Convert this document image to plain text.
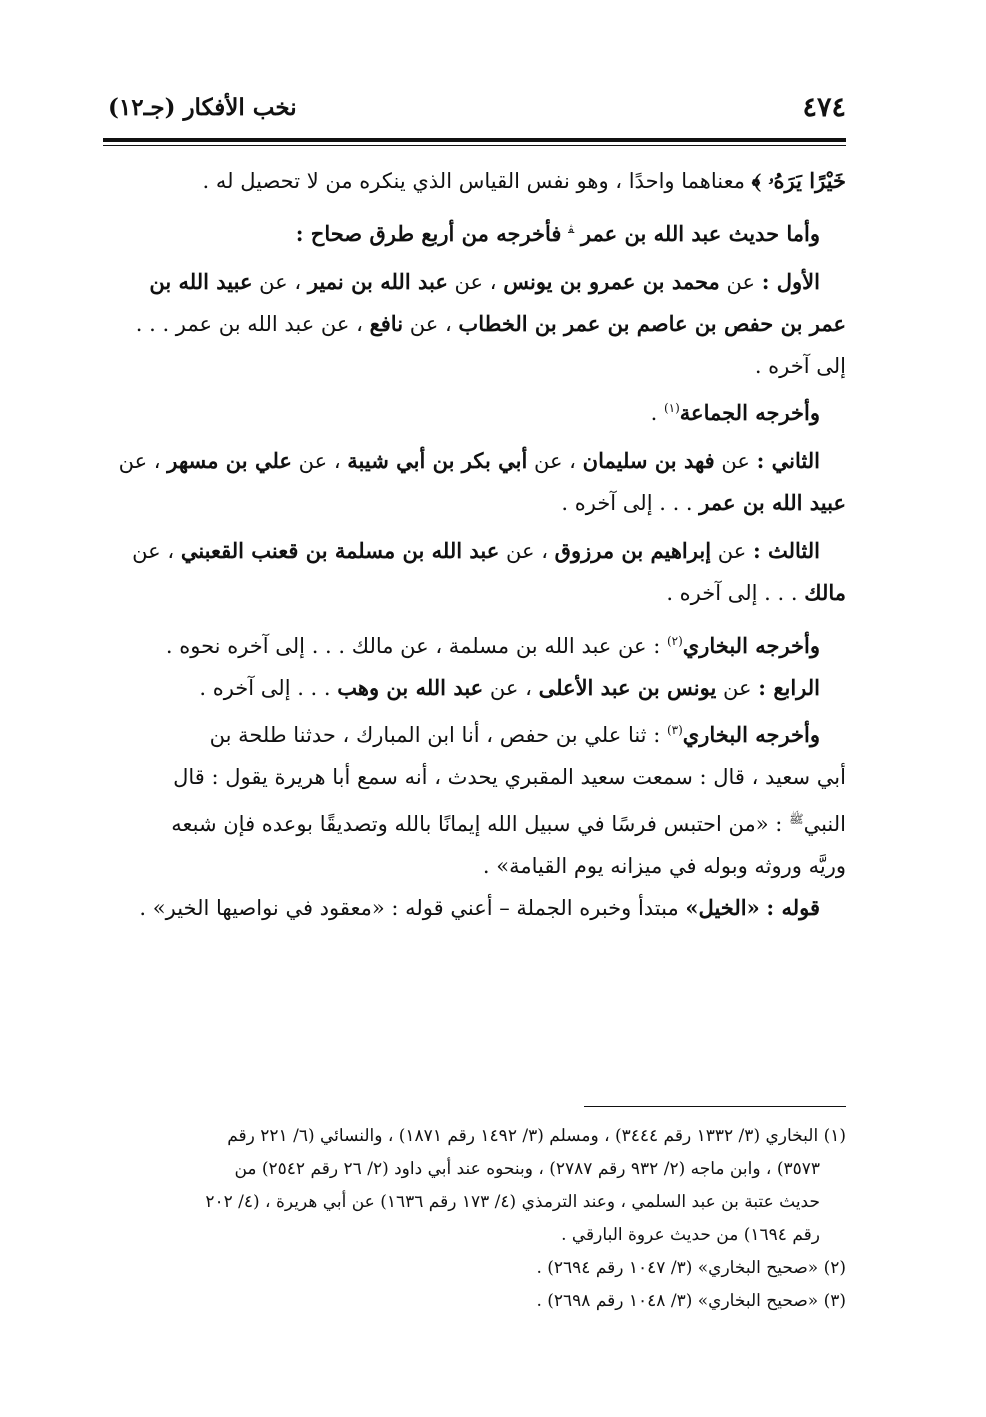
٤٧٤
نخب الأفكار (جـ١٢)
خَيْرًا يَرَهُۥ ﴾ معناهما واحدًا ، وهو نفس القياس الذي ينكره من لا تحصيل له .
وأما حديث عبد الله بن عمر $^ﭭ$ فأخرجه من أربع طرق صحاح :
الأول : عن محمد بن عمرو بن يونس ، عن عبد الله بن نمير ، عن عبيد الله بن
عمر بن حفص بن عاصم بن عمر بن الخطاب ، عن نافع ، عن عبد الله بن عمر . . .
إلى آخره .
وأخرجه الجماعة$^{(١)}$ .
الثاني : عن فهد بن سليمان ، عن أبي بكر بن أبي شيبة ، عن علي بن مسهر ، عن
عبيد الله بن عمر . . . إلى آخره .
الثالث : عن إبراهيم بن مرزوق ، عن عبد الله بن مسلمة بن قعنب القعبني ، عن
مالك . . . إلى آخره .
وأخرجه البخاري$^{(٢)}$ : عن عبد الله بن مسلمة ، عن مالك . . . إلى آخره نحوه .
الرابع : عن يونس بن عبد الأعلى ، عن عبد الله بن وهب . . . إلى آخره .
وأخرجه البخاري$^{(٣)}$ : ثنا علي بن حفص ، أنا ابن المبارك ، حدثنا طلحة بن
أبي سعيد ، قال : سمعت سعيد المقبري يحدث ، أنه سمع أبا هريرة يقول : قال
النبي$^ﷺ$ : «من احتبس فرسًا في سبيل الله إيمانًا بالله وتصديقًا بوعده فإن شبعه
وريَّه وروثه وبوله في ميزانه يوم القيامة» .
قوله : «الخيل» مبتدأ وخبره الجملة – أعني قوله : «معقود في نواصيها الخير» .
(١) البخاري (٣/ ١٣٣٢ رقم ٣٤٤٤) ، ومسلم (٣/ ١٤٩٢ رقم ١٨٧١) ، والنسائي (٦/ ٢٢١ رقم
٣٥٧٣) ، وابن ماجه (٢/ ٩٣٢ رقم ٢٧٨٧) ، وبنحوه عند أبي داود (٢/ ٢٦ رقم ٢٥٤٢) من
حديث عتبة بن عبد السلمي ، وعند الترمذي (٤/ ١٧٣ رقم ١٦٣٦) عن أبي هريرة ، (٤/ ٢٠٢
رقم ١٦٩٤) من حديث عروة البارقي .
(٢) «صحيح البخاري» (٣/ ١٠٤٧ رقم ٢٦٩٤) .
(٣) «صحيح البخاري» (٣/ ١٠٤٨ رقم ٢٦٩٨) .
